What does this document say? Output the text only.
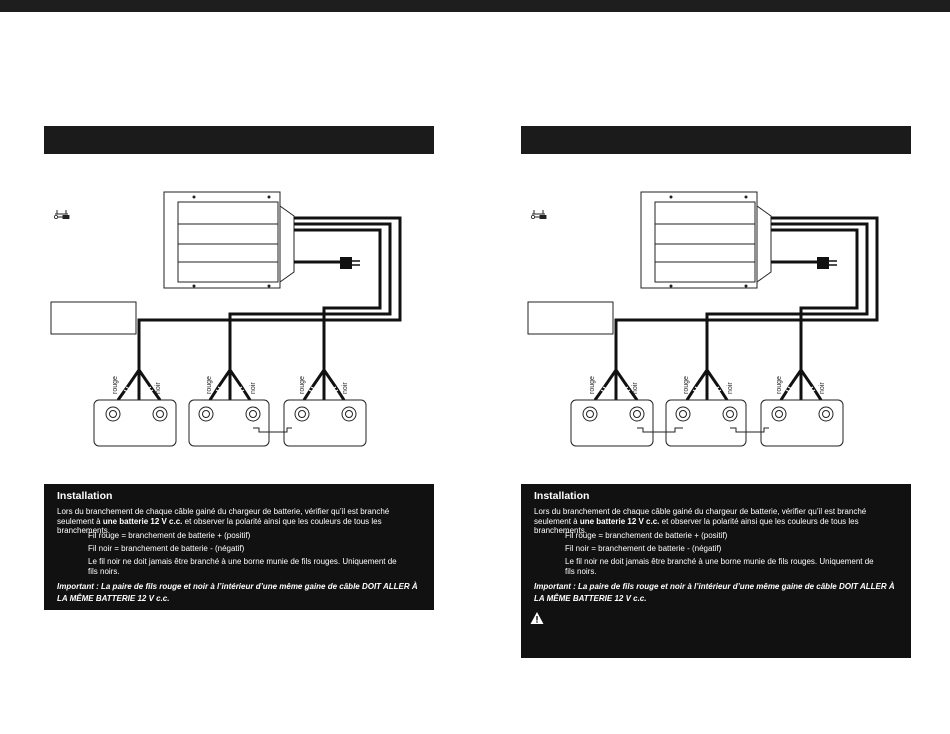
rouge	noir	rouge	noir	rouge	noir
Installation
Lors du branchement de chaque câble gainé du chargeur de batterie, vérifier qu’il est branché seulement à une batterie 12 V c.c. et observer la polarité ainsi que les couleurs de tous les branchements.
Fil rouge = branchement de batterie + (positif)
Fil noir = branchement de batterie - (négatif)
Le fil noir ne doit jamais être branché à une borne munie de fils rouges. Uniquement de fils noirs.
Important : La paire de fils rouge et noir à l’intérieur d’une même gaine de câble DOIT ALLER À LA MÊME BATTERIE 12 V c.c.
rouge	noir	rouge	noir	rouge	noir
Installation
Lors du branchement de chaque câble gainé du chargeur de batterie, vérifier qu’il est branché seulement à une batterie 12 V c.c. et observer la polarité ainsi que les couleurs de tous les branchements.
Fil rouge = branchement de batterie + (positif)
Fil noir = branchement de batterie - (négatif)
Le fil noir ne doit jamais être branché à une borne munie de fils rouges. Uniquement de fils noirs.
Important : La paire de fils rouge et noir à l’intérieur d’une même gaine de câble DOIT ALLER À LA MÊME BATTERIE 12 V c.c.
